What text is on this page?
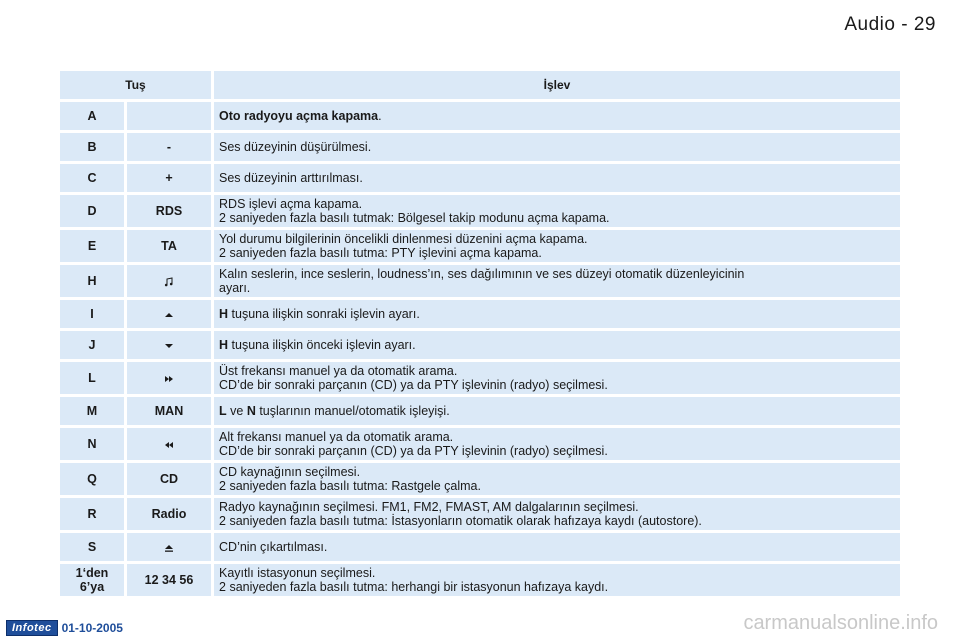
Audio - 29
Tuş		İşlev
A		Oto radyoyu açma kapama.
B	-	Ses düzeyinin düşürülmesi.
C	+	Ses düzeyinin arttırılması.
D	RDS	RDS işlevi açma kapama.
2 saniyeden fazla basılı tutmak: Bölgesel takip modunu açma kapama.

E	TA	Yol durumu bilgilerinin öncelikli dinlenmesi düzenini açma kapama.
2 saniyeden fazla basılı tutma: PTY işlevini açma kapama.

H		Kalın seslerin, ince seslerin, loudness’ın, ses dağılımının ve ses düzeyi otomatik düzenleyicinin
ayarı.

I		H tuşuna ilişkin sonraki işlevin ayarı.
J		H tuşuna ilişkin önceki işlevin ayarı.
L		Üst frekansı manuel ya da otomatik arama.
CD’de bir sonraki parçanın (CD) ya da PTY işlevinin (radyo) seçilmesi.

M	MAN	L ve N tuşlarının manuel/otomatik işleyişi.
N		Alt frekansı manuel ya da otomatik arama.
CD’de bir sonraki parçanın (CD) ya da PTY işlevinin (radyo) seçilmesi.

Q	CD	CD kaynağının seçilmesi.
2 saniyeden fazla basılı tutma: Rastgele çalma.

R	Radio	Radyo kaynağının seçilmesi. FM1, FM2, FMAST, AM dalgalarının seçilmesi.
2 saniyeden fazla basılı tutma: İstasyonların otomatik olarak hafızaya kaydı (autostore).

S		CD’nin çıkartılması.

1‘den
6’ya	12 34 56	Kayıtlı istasyonun seçilmesi.
2 saniyeden fazla basılı tutma: herhangi bir istasyonun hafızaya kaydı.
Infotec 01-10-2005	carmanualsonline.info
